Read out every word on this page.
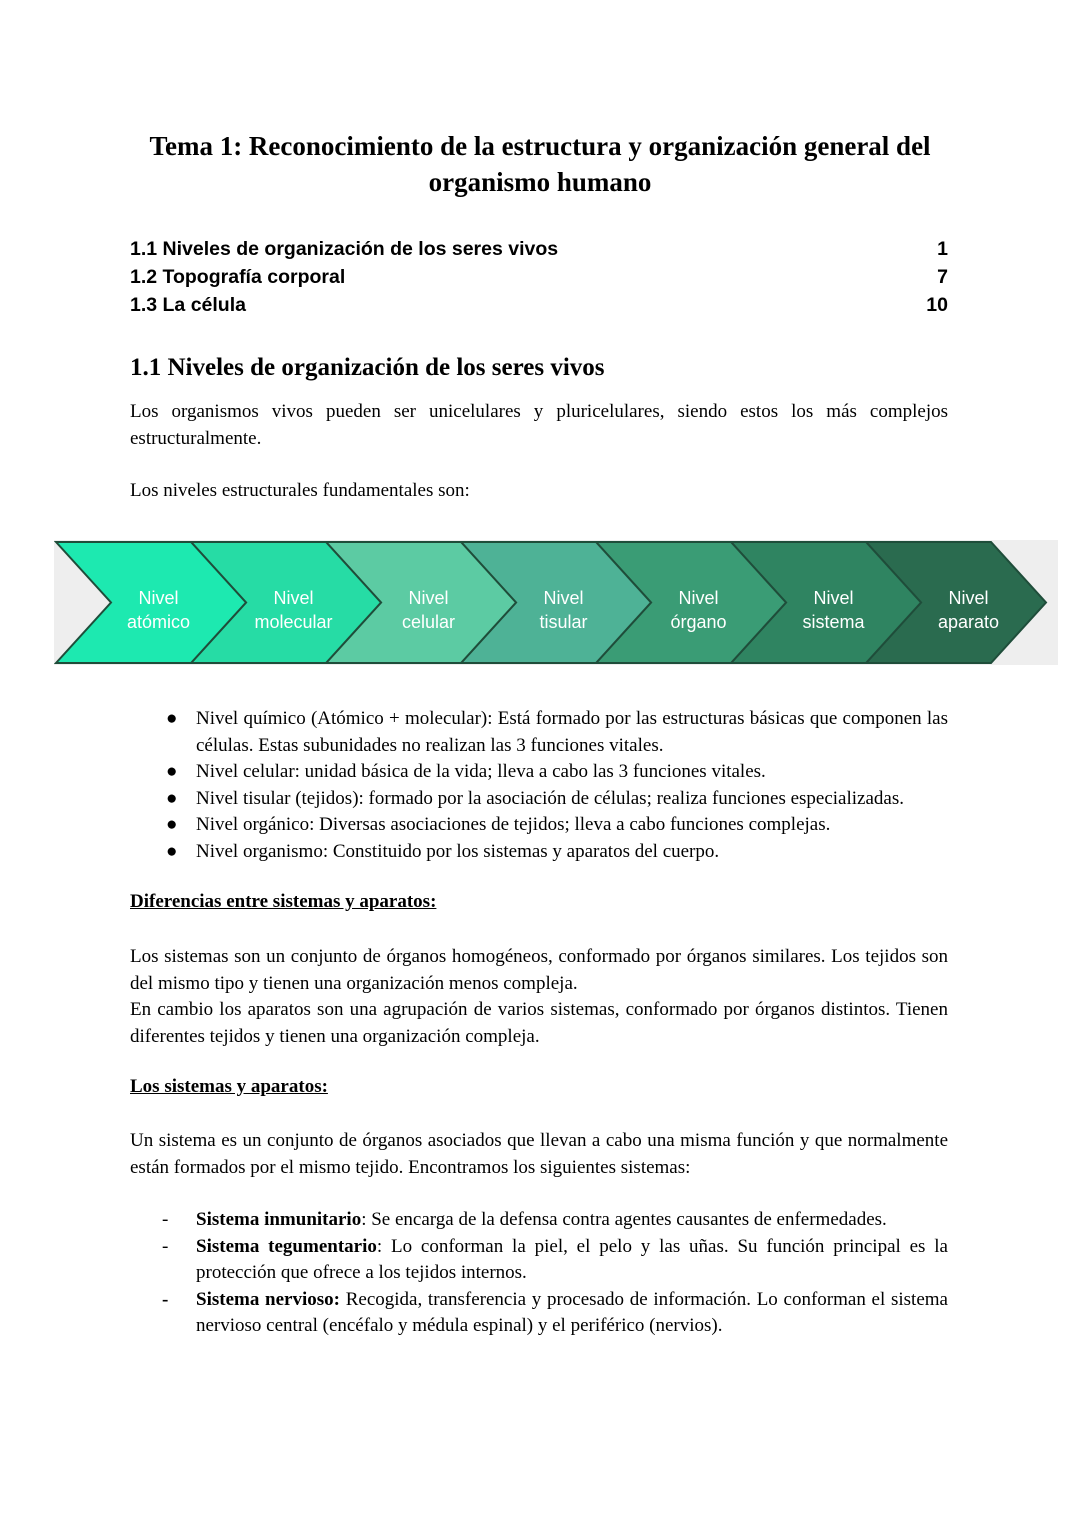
Tema 1: Reconocimiento de la estructura y organización general del
organismo humano
1.1 Niveles de organización de los seres vivos	1
1.2 Topografía corporal	7
1.3 La célula	10
1.1 Niveles de organización de los seres vivos
Los organismos vivos pueden ser unicelulares y pluricelulares, siendo estos los más complejos estructuralmente.
Los niveles estructurales fundamentales son:
Nivel
atómico
Nivel
molecular
Nivel
celular
Nivel
tisular
Nivel
órgano
Nivel
sistema
Nivel
aparato
● Nivel químico (Atómico + molecular): Está formado por las estructuras básicas que componen las células. Estas subunidades no realizan las 3 funciones vitales.
● Nivel celular: unidad básica de la vida; lleva a cabo las 3 funciones vitales.
● Nivel tisular (tejidos): formado por la asociación de células; realiza funciones especializadas.
● Nivel orgánico: Diversas asociaciones de tejidos; lleva a cabo funciones complejas.
● Nivel organismo: Constituido por los sistemas y aparatos del cuerpo.
Diferencias entre sistemas y aparatos:
Los sistemas son un conjunto de órganos homogéneos, conformado por órganos similares. Los tejidos son del mismo tipo y tienen una organización menos compleja.
En cambio los aparatos son una agrupación de varios sistemas, conformado por órganos distintos. Tienen diferentes tejidos y tienen una organización compleja.
Los sistemas y aparatos:
Un sistema es un conjunto de órganos asociados que llevan a cabo una misma función y que normalmente están formados por el mismo tejido. Encontramos los siguientes sistemas:
- Sistema inmunitario: Se encarga de la defensa contra agentes causantes de enfermedades.
- Sistema tegumentario: Lo conforman la piel, el pelo y las uñas. Su función principal es la protección que ofrece a los tejidos internos.
- Sistema nervioso: Recogida, transferencia y procesado de información. Lo conforman el sistema nervioso central (encéfalo y médula espinal) y el periférico (nervios).
